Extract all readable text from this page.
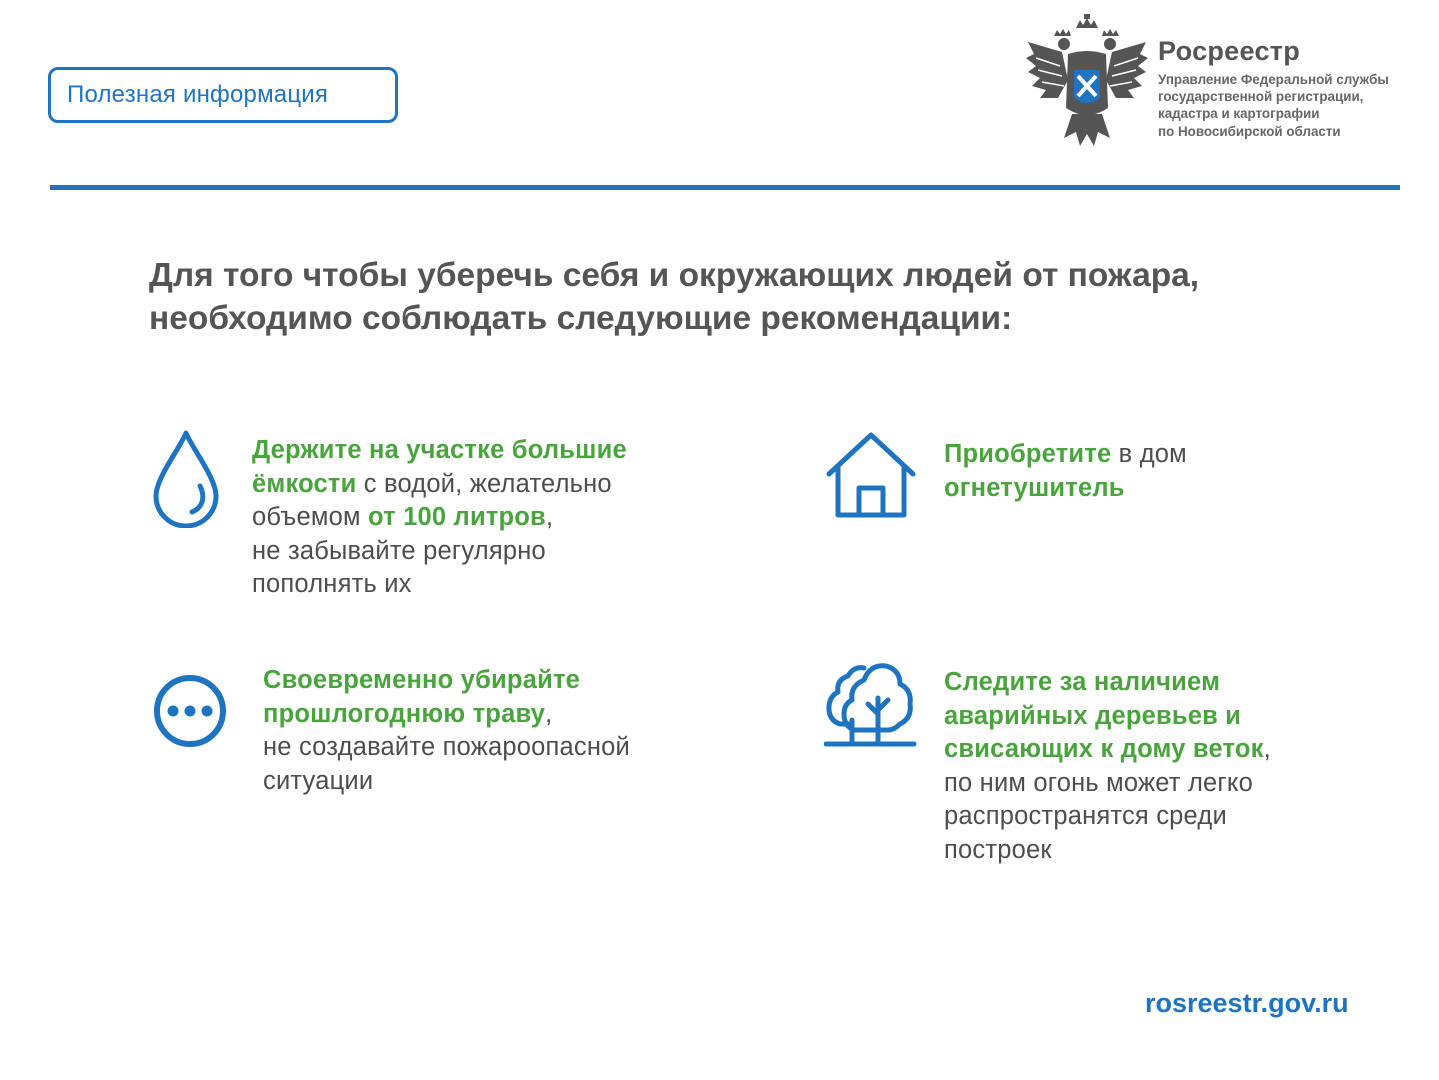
Полезная информация
Росреестр
Управление Федеральной службы
государственной регистрации,
кадастра и картографии
по Новосибирской области
Для того чтобы уберечь себя и окружающих людей от пожара,
необходимо соблюдать следующие рекомендации:
Держите на участке большие
ёмкости с водой, желательно
объемом от 100 литров,
не забывайте регулярно
пополнять их
Приобретите в дом
огнетушитель
Своевременно убирайте
прошлогоднюю траву,
не создавайте пожароопасной
ситуации
Следите за наличием
аварийных деревьев и
свисающих к дому веток,
по ним огонь может легко
распространятся среди
построек
rosreestr.gov.ru
